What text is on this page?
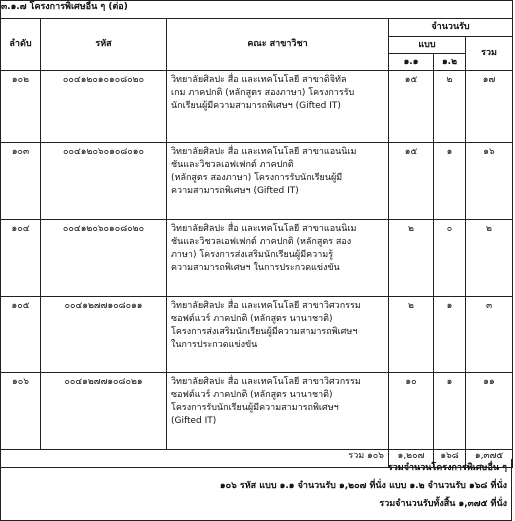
๓.๑.๗ โครงการพิเศษอื่น ๆ (ต่อ)					
ลำดับ	รหัส	คณะ สาขาวิชา	จำนวนรับ		
			แบบ		รวม
			๑.๑	๑.๒	
๑๐๒	๐๐๔๑๒๐๑๐๑๐๘๐๒๐	วิทยาลัยศิลปะ สื่อ และเทคโนโลยี สาขาดิจิทัล
เกม ภาคปกติ (หลักสูตร สองภาษา) โครงการรับ
นักเรียนผู้มีความสามารถพิเศษฯ (Gifted IT)	๑๕	๒	๑๗
๑๐๓	๐๐๔๑๒๐๖๐๑๐๘๐๑๐	วิทยาลัยศิลปะ สื่อ และเทคโนโลยี สาขาแอนนิเม
ชันและวิชวลเอฟเฟกต์ ภาคปกติ
(หลักสูตร สองภาษา) โครงการรับนักเรียนผู้มี
ความสามารถพิเศษฯ (Gifted IT)	๑๕	๑	๑๖
๑๐๔	๐๐๔๑๒๐๖๐๑๐๘๐๒๐	วิทยาลัยศิลปะ สื่อ และเทคโนโลยี สาขาแอนนิเม
ชันและวิชวลเอฟเฟกต์ ภาคปกติ (หลักสูตร สอง
ภาษา) โครงการส่งเสริมนักเรียนผู้มีความรู้
ความสามารถพิเศษฯ ในการประกวดแข่งขัน	๒	๐	๒
๑๐๕	๐๐๔๑๒๗๗๑๐๘๐๑๑	วิทยาลัยศิลปะ สื่อ และเทคโนโลยี สาขาวิศวกรรม
ซอฟต์แวร์ ภาคปกติ (หลักสูตร นานาชาติ)
โครงการส่งเสริมนักเรียนผู้มีความสามารถพิเศษฯ
ในการประกวดแข่งขัน	๒	๑	๓
๑๐๖	๐๐๔๑๒๗๗๑๐๘๐๒๑	วิทยาลัยศิลปะ สื่อ และเทคโนโลยี สาขาวิศวกรรม
ซอฟต์แวร์ ภาคปกติ (หลักสูตร นานาชาติ)
โครงการรับนักเรียนผู้มีความสามารถพิเศษฯ
(Gifted IT)	๑๐	๑	๑๑
รวม ๑๐๖			๑,๒๐๗	๑๖๘	๑,๓๗๕
รวมจำนวนโครงการพิเศษอื่น ๆ
๑๐๖ รหัส แบบ ๑.๑ จำนวนรับ ๑,๒๐๗ ที่นั่ง แบบ ๑.๒ จำนวนรับ ๑๖๘ ที่นั่ง
รวมจำนวนรับทั้งสิ้น ๑,๓๗๕ ที่นั่ง
